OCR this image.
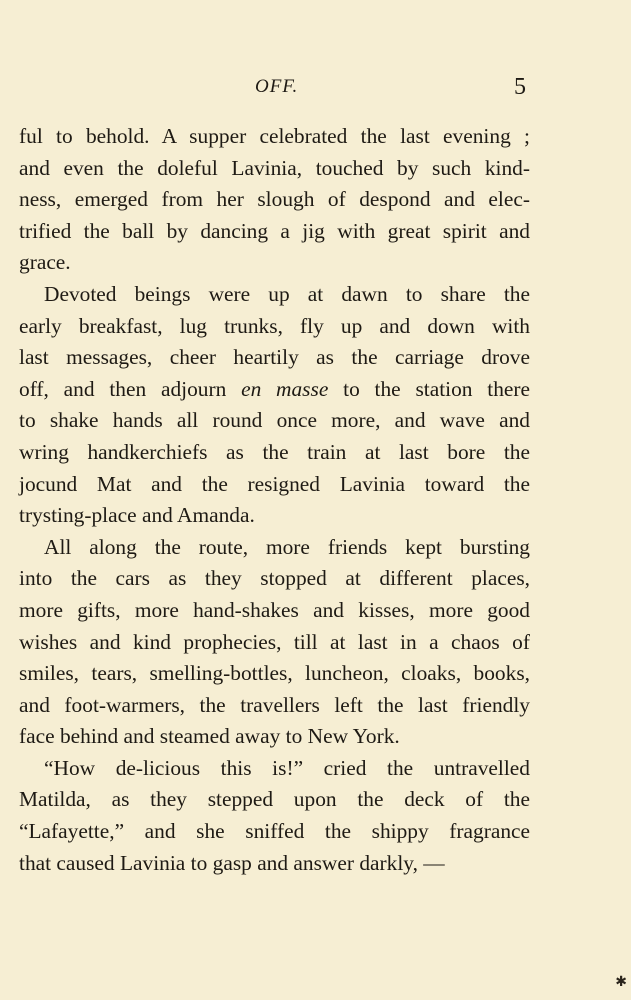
OFF.	5
ful to behold. A supper celebrated the last evening ;
and even the doleful Lavinia, touched by such kind-
ness, emerged from her slough of despond and elec-
trified the ball by dancing a jig with great spirit and
grace.
Devoted beings were up at dawn to share the
early breakfast, lug trunks, fly up and down with
last messages, cheer heartily as the carriage drove
off, and then adjourn en masse to the station there
to shake hands all round once more, and wave and
wring handkerchiefs as the train at last bore the
jocund Mat and the resigned Lavinia toward the
trysting-place and Amanda.
All along the route, more friends kept bursting
into the cars as they stopped at different places,
more gifts, more hand-shakes and kisses, more good
wishes and kind prophecies, till at last in a chaos of
smiles, tears, smelling-bottles, luncheon, cloaks, books,
and foot-warmers, the travellers left the last friendly
face behind and steamed away to New York.
“How de-licious this is!” cried the untravelled
Matilda, as they stepped upon the deck of the
“Lafayette,” and she sniffed the shippy fragrance
that caused Lavinia to gasp and answer darkly, —
✱
